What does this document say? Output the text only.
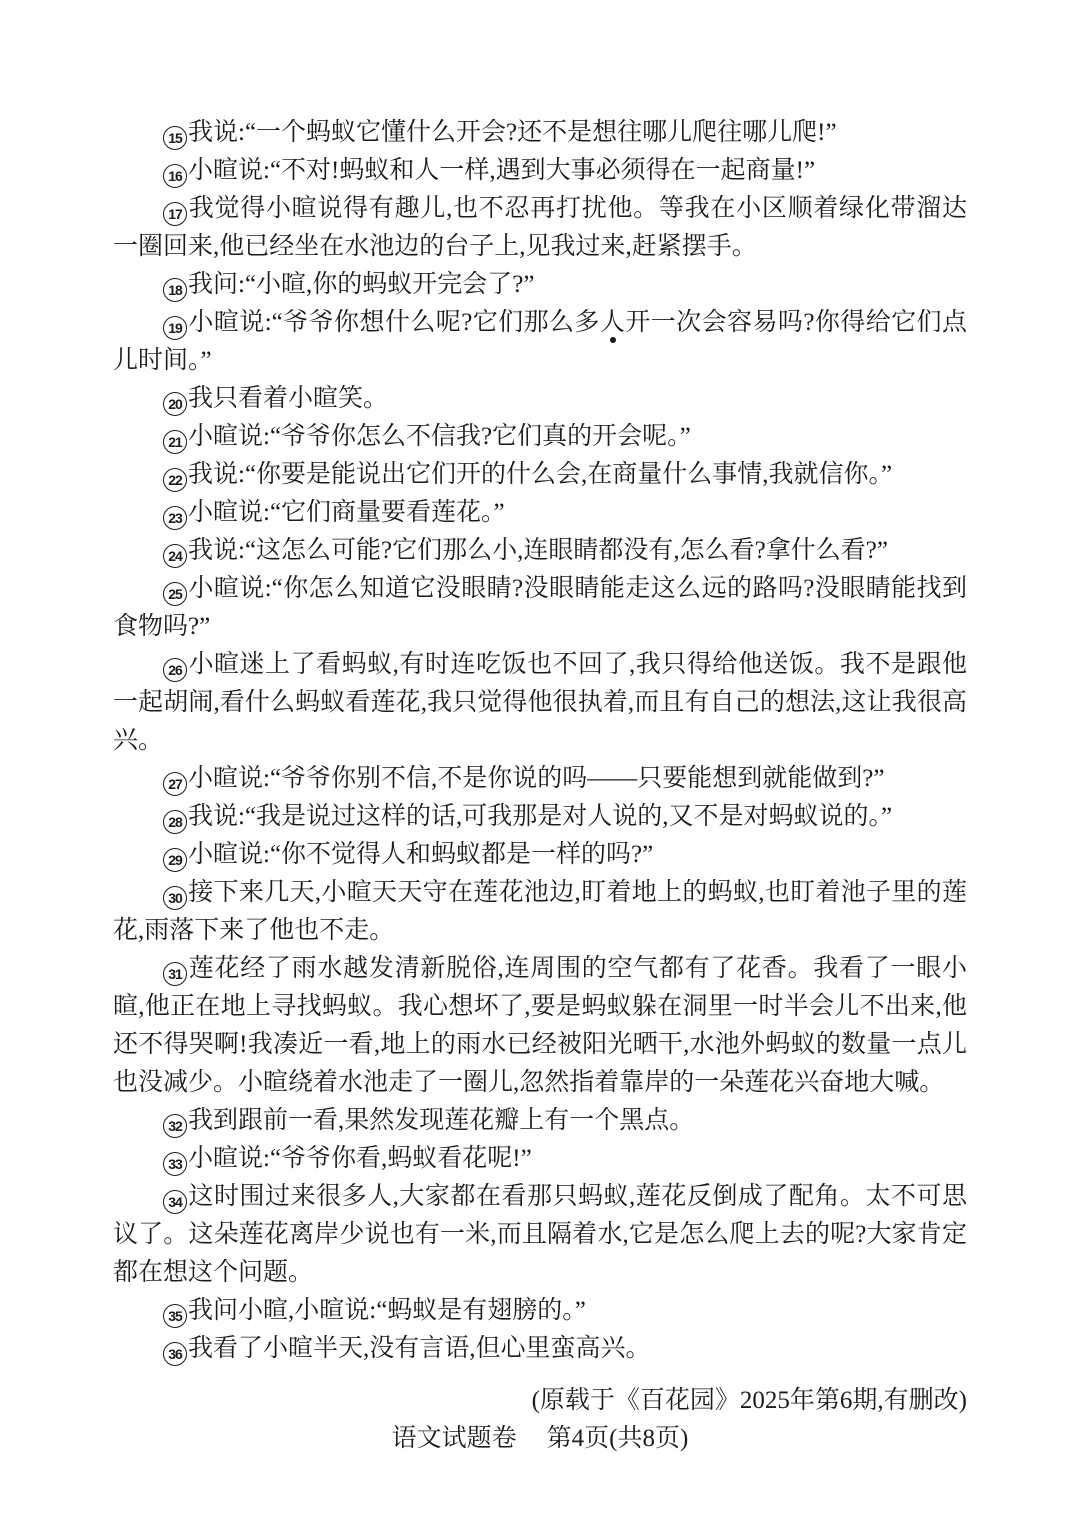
15 我说:“一个蚂蚁它懂什么开会?还不是想往哪儿爬往哪儿爬!”

16 小暄说:“不对!蚂蚁和人一样,遇到大事必须得在一起商量!”

17 我觉得小暄说得有趣儿,也不忍再打扰他。等我在小区顺着绿化带溜达一圈回来,他已经坐在水池边的台子上,见我过来,赶紧摆手。

18 我问:“小暄,你的蚂蚁开完会了?”

19 小暄说:“爷爷你想什么呢?它们那么多人开一次会容易吗?你得给它们点儿时间。”

20 我只看着小暄笑。

21 小暄说:“爷爷你怎么不信我?它们真的开会呢。”

22 我说:“你要是能说出它们开的什么会,在商量什么事情,我就信你。”

23 小暄说:“它们商量要看莲花。”

24 我说:“这怎么可能?它们那么小,连眼睛都没有,怎么看?拿什么看?”

25 小暄说:“你怎么知道它没眼睛?没眼睛能走这么远的路吗?没眼睛能找到食物吗?”

26 小暄迷上了看蚂蚁,有时连吃饭也不回了,我只得给他送饭。我不是跟他一起胡闹,看什么蚂蚁看莲花,我只觉得他很执着,而且有自己的想法,这让我很高兴。

27 小暄说:“爷爷你别不信,不是你说的吗——只要能想到就能做到?”

28 我说:“我是说过这样的话,可我那是对人说的,又不是对蚂蚁说的。”

29 小暄说:“你不觉得人和蚂蚁都是一样的吗?”

30 接下来几天,小暄天天守在莲花池边,盯着地上的蚂蚁,也盯着池子里的莲花,雨落下来了他也不走。

31 莲花经了雨水越发清新脱俗,连周围的空气都有了花香。我看了一眼小暄,他正在地上寻找蚂蚁。我心想坏了,要是蚂蚁躲在洞里一时半会儿不出来,他还不得哭啊!我凑近一看,地上的雨水已经被阳光晒干,水池外蚂蚁的数量一点儿也没减少。小暄绕着水池走了一圈儿,忽然指着靠岸的一朵莲花兴奋地大喊。

32 我到跟前一看,果然发现莲花瓣上有一个黑点。

33 小暄说:“爷爷你看,蚂蚁看花呢!”

34 这时围过来很多人,大家都在看那只蚂蚁,莲花反倒成了配角。太不可思议了。这朵莲花离岸少说也有一米,而且隔着水,它是怎么爬上去的呢?大家肯定都在想这个问题。

35 我问小暄,小暄说:“蚂蚁是有翅膀的。”

36 我看了小暄半天,没有言语,但心里蛮高兴。

(原载于《百花园》2025年第6期,有删改)

语文试题卷 第4页(共8页)
